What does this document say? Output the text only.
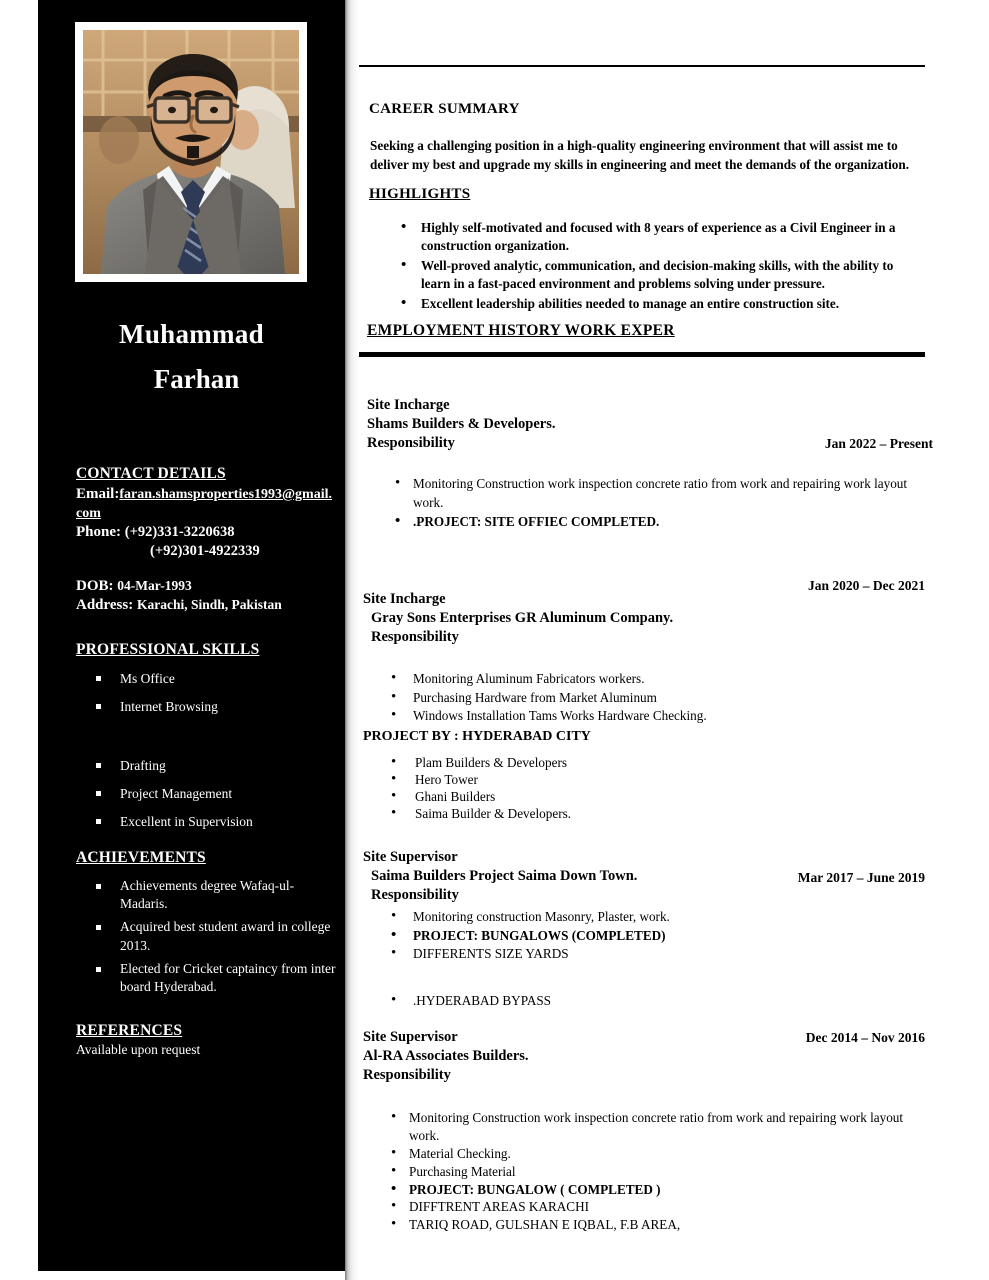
Muhammad
Farhan
CONTACT DETAILS
Email:faran.shamsproperties1993@gmail.com
Phone: (+92)331-3220638
(+92)301-4922339
DOB: 04-Mar-1993
Address: Karachi, Sindh, Pakistan
PROFESSIONAL SKILLS
Ms Office
Internet Browsing
Drafting
Project Management
Excellent in Supervision
ACHIEVEMENTS
Achievements degree Wafaq-ul-Madaris.
Acquired best student award in college 2013.
Elected for Cricket captaincy from inter board Hyderabad.
REFERENCES
Available upon request
CAREER SUMMARY
Seeking a challenging position in a high-quality engineering environment that will assist me to deliver my best and upgrade my skills in engineering and meet the demands of the organization.
HIGHLIGHTS
• Highly self-motivated and focused with 8 years of experience as a Civil Engineer in a construction organization.
• Well-proved analytic, communication, and decision-making skills, with the ability to learn in a fast-paced environment and problems solving under pressure.
• Excellent leadership abilities needed to manage an entire construction site.
EMPLOYMENT HISTORY WORK EXPER
Site Incharge
Shams Builders & Developers.
Responsibility	Jan 2022 – Present
• Monitoring Construction work inspection concrete ratio from work and repairing work layout work.
• .PROJECT: SITE OFFIEC COMPLETED.
Jan 2020 – Dec 2021
Site Incharge
Gray Sons Enterprises GR Aluminum Company.
Responsibility
• Monitoring Aluminum Fabricators workers.
• Purchasing Hardware from Market Aluminum
• Windows Installation Tams Works Hardware Checking.
PROJECT BY : HYDERABAD CITY
• Plam Builders & Developers
• Hero Tower
• Ghani Builders
• Saima Builder & Developers.
Site Supervisor
Saima Builders Project Saima Down Town.
Responsibility
Mar 2017 – June 2019
• Monitoring construction Masonry, Plaster, work.
• PROJECT: BUNGALOWS (COMPLETED)
• DIFFERENTS SIZE YARDS
• .HYDERABAD BYPASS
Site Supervisor
Al-RA Associates Builders.
Responsibility
Dec 2014 – Nov 2016
• Monitoring Construction work inspection concrete ratio from work and repairing work layout work.
• Material Checking.
• Purchasing Material
• PROJECT: BUNGALOW ( COMPLETED )
• DIFFTRENT AREAS KARACHI
• TARIQ ROAD, GULSHAN E IQBAL, F.B AREA,
